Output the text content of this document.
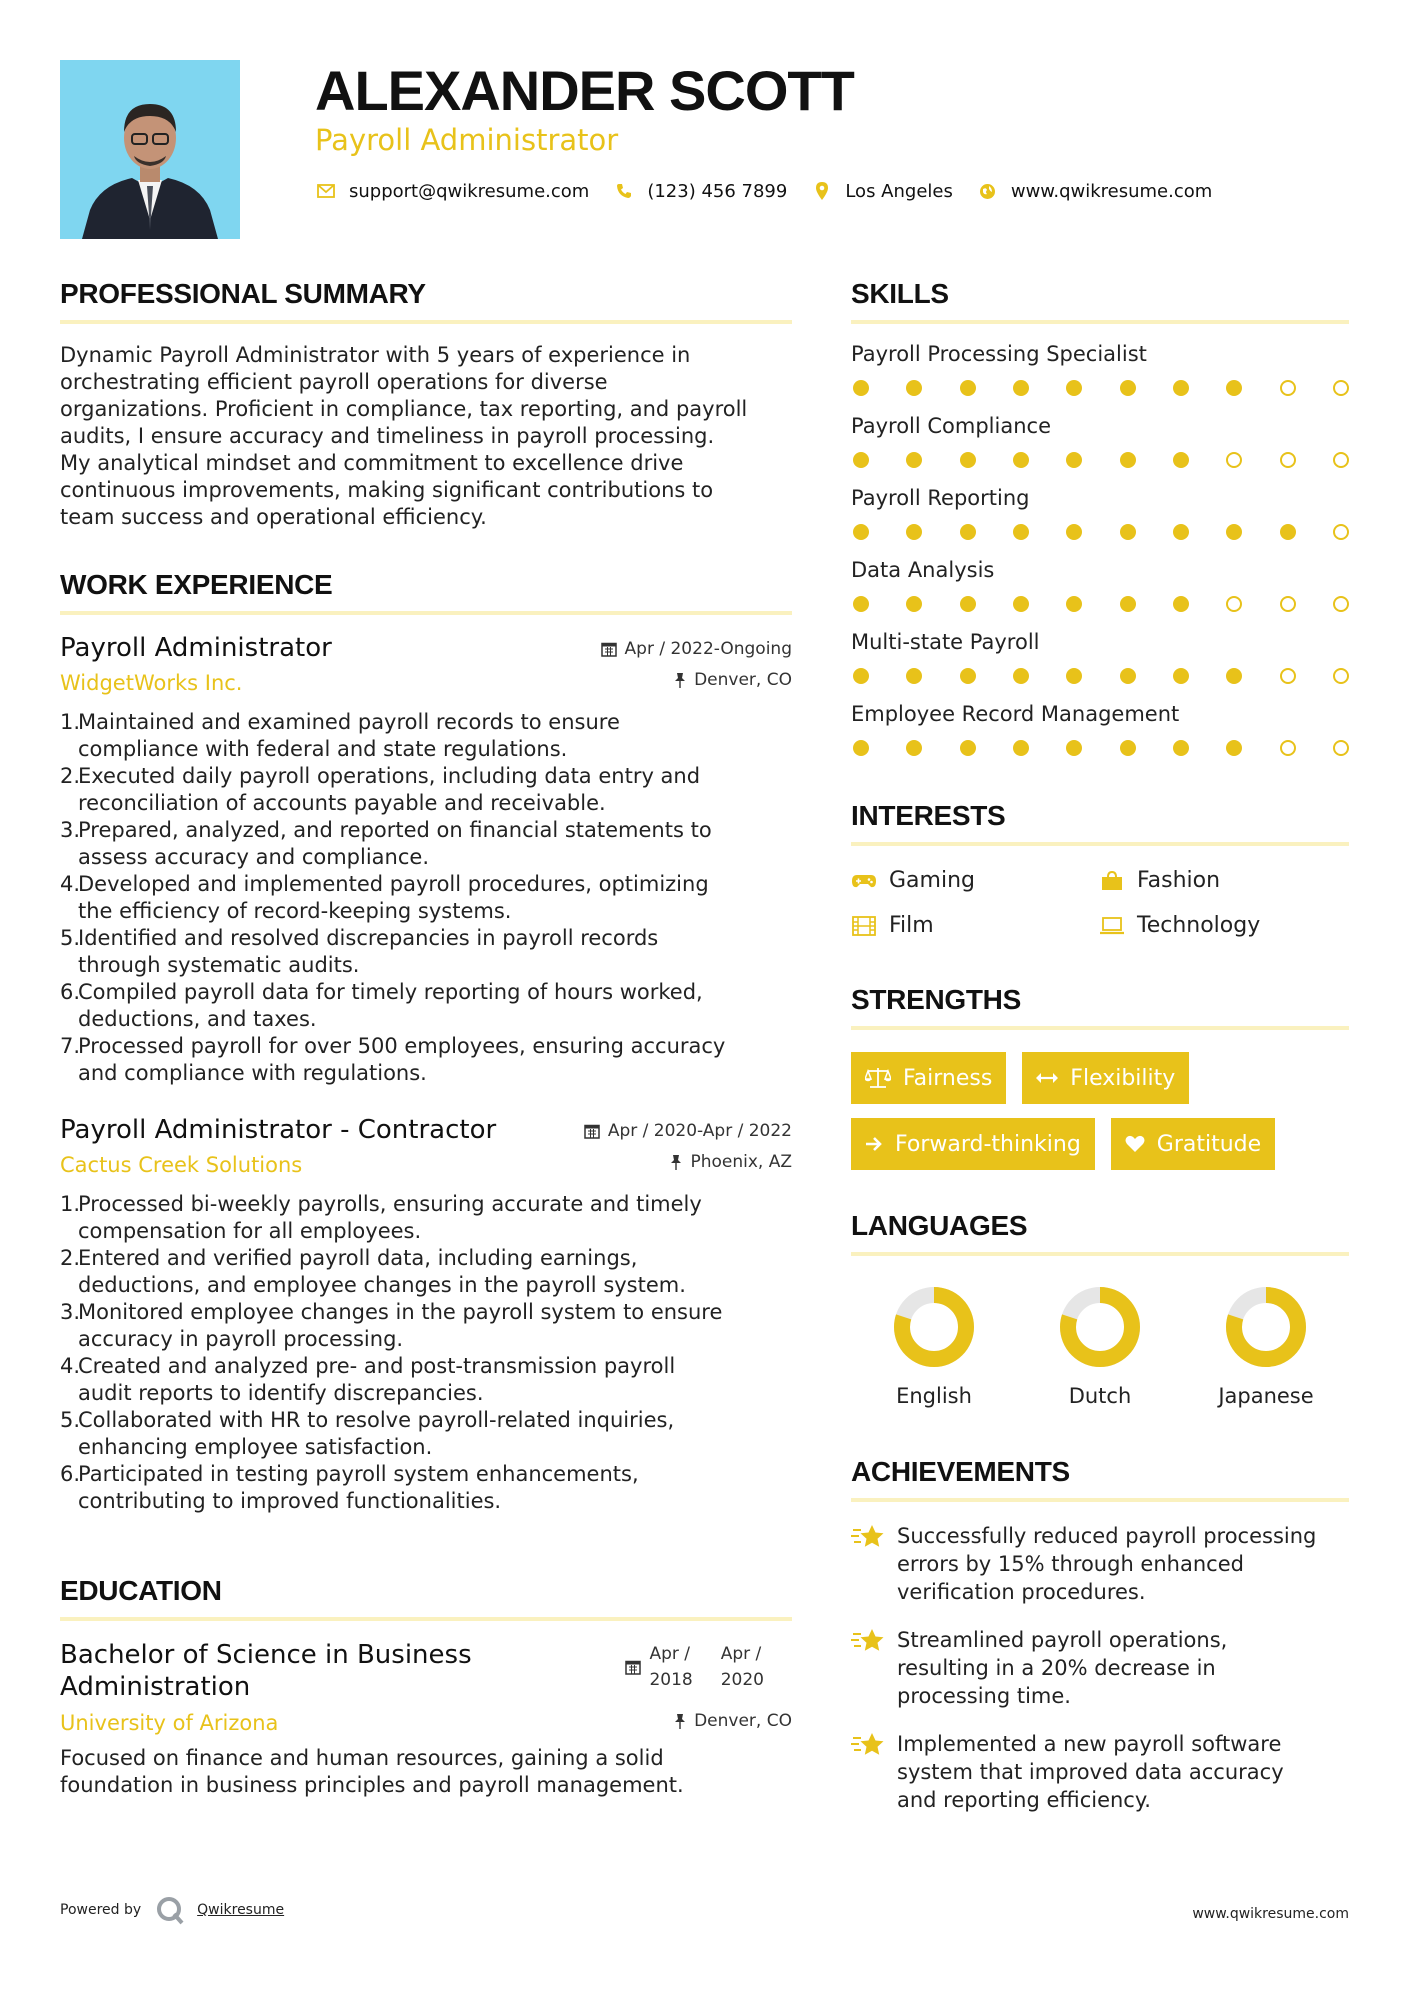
ALEXANDER SCOTT
Payroll Administrator
support@qwikresume.com	(123) 456 7899	Los Angeles	www.qwikresume.com
PROFESSIONAL SUMMARY
Dynamic Payroll Administrator with 5 years of experience in
orchestrating efficient payroll operations for diverse
organizations. Proficient in compliance, tax reporting, and payroll
audits, I ensure accuracy and timeliness in payroll processing.
My analytical mindset and commitment to excellence drive
continuous improvements, making significant contributions to
team success and operational efficiency.
WORK EXPERIENCE
Apr / 2022-Ongoing
Denver, CO
Payroll Administrator
WidgetWorks Inc.
1.
Maintained and examined payroll records to ensure
compliance with federal and state regulations.
2.
Executed daily payroll operations, including data entry and
reconciliation of accounts payable and receivable.
3.
Prepared, analyzed, and reported on financial statements to
assess accuracy and compliance.
4.
Developed and implemented payroll procedures, optimizing
the efficiency of record-keeping systems.
5.
Identified and resolved discrepancies in payroll records
through systematic audits.
6.
Compiled payroll data for timely reporting of hours worked,
deductions, and taxes.
7.
Processed payroll for over 500 employees, ensuring accuracy
and compliance with regulations.
Apr / 2020-Apr / 2022
Phoenix, AZ
Payroll Administrator - Contractor
Cactus Creek Solutions
1.
Processed bi-weekly payrolls, ensuring accurate and timely
compensation for all employees.
2.
Entered and verified payroll data, including earnings,
deductions, and employee changes in the payroll system.
3.
Monitored employee changes in the payroll system to ensure
accuracy in payroll processing.
4.
Created and analyzed pre- and post-transmission payroll
audit reports to identify discrepancies.
5.
Collaborated with HR to resolve payroll-related inquiries,
enhancing employee satisfaction.
6.
Participated in testing payroll system enhancements,
contributing to improved functionalities.
EDUCATION
Apr /
2018
Apr /
2020
Denver, CO
Bachelor of Science in Business
Administration
University of Arizona
Focused on finance and human resources, gaining a solid
foundation in business principles and payroll management.
SKILLS
Payroll Processing Specialist
Payroll Compliance
Payroll Reporting
Data Analysis
Multi-state Payroll
Employee Record Management
INTERESTS
Gaming	Fashion
Film	Technology
STRENGTHS
Fairness	Flexibility
Forward-thinking	Gratitude
LANGUAGES
English	Dutch	Japanese
ACHIEVEMENTS
Successfully reduced payroll processing
errors by 15% through enhanced
verification procedures.
Streamlined payroll operations,
resulting in a 20% decrease in
processing time.
Implemented a new payroll software
system that improved data accuracy
and reporting efficiency.
Powered by	Qwikresume	www.qwikresume.com
